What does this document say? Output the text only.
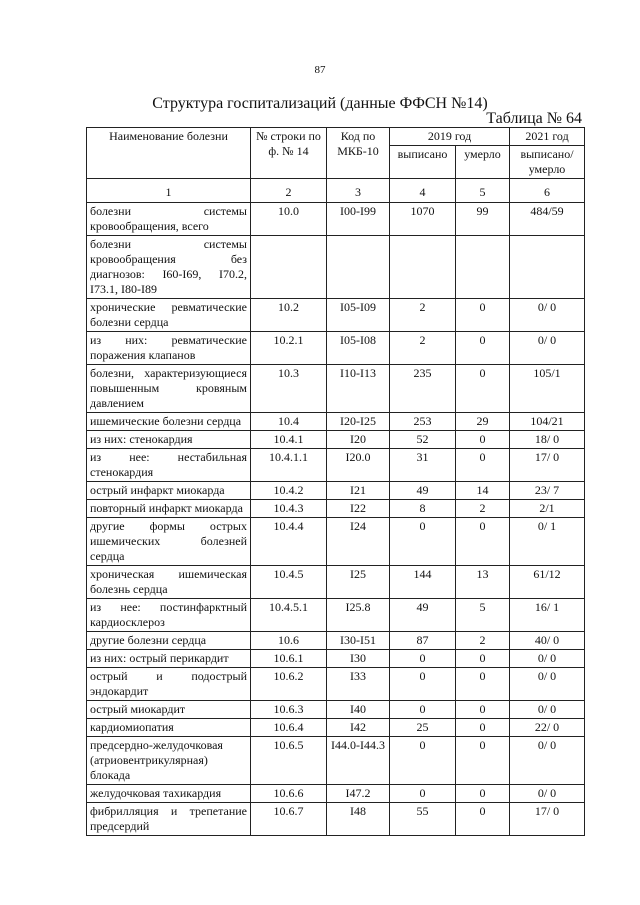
87
Структура госпитализаций (данные ФФСН №14)
Таблица № 64
Наименование болезни	№ строки по ф. № 14	Код по МКБ-10	2019 год		2021 год
			выписано	умерло	выписано/ умерло
1	2	3	4	5	6
болезни системы кровообращения, всего	10.0	I00-I99	1070	99	484/59
болезни системы кровообращения без диагнозов: I60-I69, I70.2, I73.1, I80-I89					
хронические ревматические болезни сердца	10.2	I05-I09	2	0	0/ 0
из них: ревматические поражения клапанов	10.2.1	I05-I08	2	0	0/ 0
болезни, характеризующиеся повышенным кровяным давлением	10.3	I10-I13	235	0	105/1
ишемические болезни сердца	10.4	I20-I25	253	29	104/21
из них: стенокардия	10.4.1	I20	52	0	18/ 0
из нее: нестабильная стенокардия	10.4.1.1	I20.0	31	0	17/ 0
острый инфаркт миокарда	10.4.2	I21	49	14	23/ 7
повторный инфаркт миокарда	10.4.3	I22	8	2	2/1
другие формы острых ишемических болезней сердца	10.4.4	I24	0	0	0/ 1
хроническая ишемическая болезнь сердца	10.4.5	I25	144	13	61/12
из нее: постинфарктный кардиосклероз	10.4.5.1	I25.8	49	5	16/ 1
другие болезни сердца	10.6	I30-I51	87	2	40/ 0
из них: острый перикардит	10.6.1	I30	0	0	0/ 0
острый и подострый эндокардит	10.6.2	I33	0	0	0/ 0
острый миокардит	10.6.3	I40	0	0	0/ 0
кардиомиопатия	10.6.4	I42	25	0	22/ 0
предсердно-желудочковая (атриовентрикулярная) блокада	10.6.5	I44.0-I44.3	0	0	0/ 0
желудочковая тахикардия	10.6.6	I47.2	0	0	0/ 0
фибрилляция и трепетание предсердий	10.6.7	I48	55	0	17/ 0
